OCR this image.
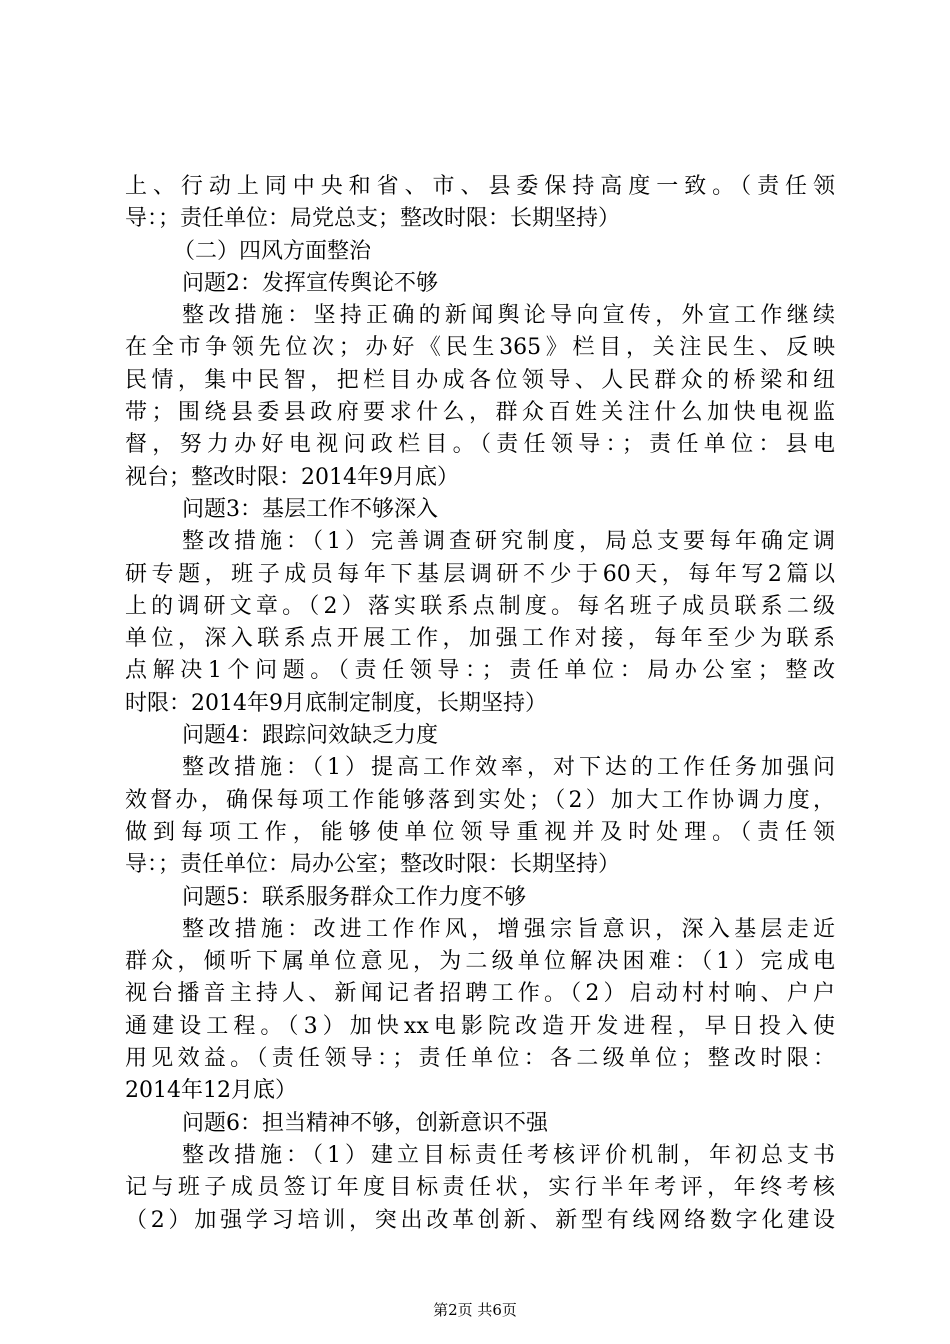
上、行动上同中央和省、市、县委保持高度一致。（责任领
导：；责任单位：局党总支；整改时限：长期坚持）
（二）四风方面整治
问题2：发挥宣传舆论不够
整改措施：坚持正确的新闻舆论导向宣传，外宣工作继续
在全市争领先位次；办好《民生365》栏目，关注民生、反映
民情，集中民智，把栏目办成各位领导、人民群众的桥梁和纽
带；围绕县委县政府要求什么，群众百姓关注什么加快电视监
督，努力办好电视问政栏目。（责任领导：；责任单位：县电
视台；整改时限：2014年9月底）
问题3：基层工作不够深入
整改措施：（1）完善调查研究制度，局总支要每年确定调
研专题，班子成员每年下基层调研不少于60天，每年写2篇以
上的调研文章。（2）落实联系点制度。每名班子成员联系二级
单位，深入联系点开展工作，加强工作对接，每年至少为联系
点解决1个问题。（责任领导：；责任单位：局办公室；整改
时限：2014年9月底制定制度，长期坚持）
问题4：跟踪问效缺乏力度
整改措施：（1）提高工作效率，对下达的工作任务加强问
效督办，确保每项工作能够落到实处；（2）加大工作协调力度，
做到每项工作，能够使单位领导重视并及时处理。（责任领
导：；责任单位：局办公室；整改时限：长期坚持）
问题5：联系服务群众工作力度不够
整改措施：改进工作作风，增强宗旨意识，深入基层走近
群众，倾听下属单位意见，为二级单位解决困难：（1）完成电
视台播音主持人、新闻记者招聘工作。（2）启动村村响、户户
通建设工程。（3）加快xx电影院改造开发进程，早日投入使
用见效益。（责任领导：；责任单位：各二级单位；整改时限：
2014年12月底）
问题6：担当精神不够，创新意识不强
整改措施：（1）建立目标责任考核评价机制，年初总支书
记与班子成员签订年度目标责任状，实行半年考评，年终考核
（2）加强学习培训，突出改革创新、新型有线网络数字化建设
第2页 共6页
